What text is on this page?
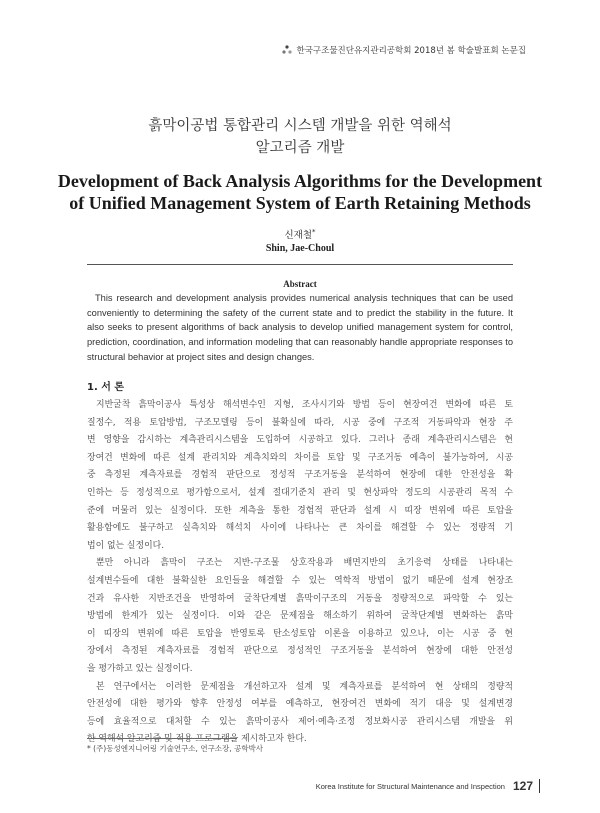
한국구조물진단유지관리공학회 2018년 봄 학술발표회 논문집
흙막이공법 통합관리 시스템 개발을 위한 역해석
알고리즘 개발
Development of Back Analysis Algorithms for the Development
of Unified Management System of Earth Retaining Methods
신재철*
Shin, Jae-Choul
Abstract
This research and development analysis provides numerical analysis techniques that can be used
conveniently to determining the safety of the current state and to predict the stability in the future. It
also seeks to present algorithms of back analysis to develop unified management system for control,
prediction, coordination, and information modeling that can reasonably handle appropriate responses to
structural behavior at project sites and design changes.
1. 서 론
지반굴착 흙막이공사 특성상 해석변수인 지형, 조사시기와 방법 등이 현장여건 변화에 따른 토
질정수, 적용 토압방법, 구조모델링 등이 불확실에 따라, 시공 중에 구조적 거동파악과 현장 주
변 영향을 감시하는 계측관리시스템을 도입하여 시공하고 있다. 그러나 종래 계측관리시스템은 현
장여건 변화에 따른 설계 관리치와 계측치와의 차이를 토압 및 구조거동 예측이 불가능하여, 시공
중 측정된 계측자료를 경험적 판단으로 정성적 구조거동을 분석하여 현장에 대한 안전성을 확
인하는 등 정성적으로 평가함으로서, 설계 절대기준치 관리 및 현상파악 정도의 시공관리 목적 수
준에 머물러 있는 실정이다. 또한 계측을 통한 경험적 판단과 설계 시 띠장 변위에 따른 토압을
활용함에도 불구하고 실측치와 해석치 사이에 나타나는 큰 차이를 해결할 수 있는 정량적 기
법이 없는 실정이다.
뿐만 아니라 흙막이 구조는 지반-구조물 상호작용과 배면지반의 초기응력 상태를 나타내는
설계변수들에 대한 불확실한 요인들을 해결할 수 있는 역학적 방법이 없기 때문에 설계 현장조
건과 유사한 지반조건을 반영하여 굴착단계별 흙막이구조의 거동을 정량적으로 파악할 수 있는
방법에 한계가 있는 실정이다. 이와 같은 문제점을 해소하기 위하여 굴착단계별 변화하는 흙막
이 띠장의 변위에 따른 토압을 반영토록 탄소성토압 이론을 이용하고 있으나, 이는 시공 중 현
장에서 측정된 계측자료를 경험적 판단으로 정성적인 구조거동을 분석하여 현장에 대한 안전성
을 평가하고 있는 실정이다.
본 연구에서는 이러한 문제점을 개선하고자 설계 및 계측자료를 분석하여 현 상태의 정량적
안전성에 대한 평가와 향후 안정성 여부를 예측하고, 현장여건 변화에 적기 대응 및 설계변경
등에 효율적으로 대처할 수 있는 흙막이공사 제어·예측·조정 정보화시공 관리시스템 개발을 위
한 역해석 알고리즘 및 적용 프로그램을 제시하고자 한다.
* (주)동성엔지니어링 기술연구소, 연구소장, 공학박사
Korea Institute for Structural Maintenance and Inspection 127
